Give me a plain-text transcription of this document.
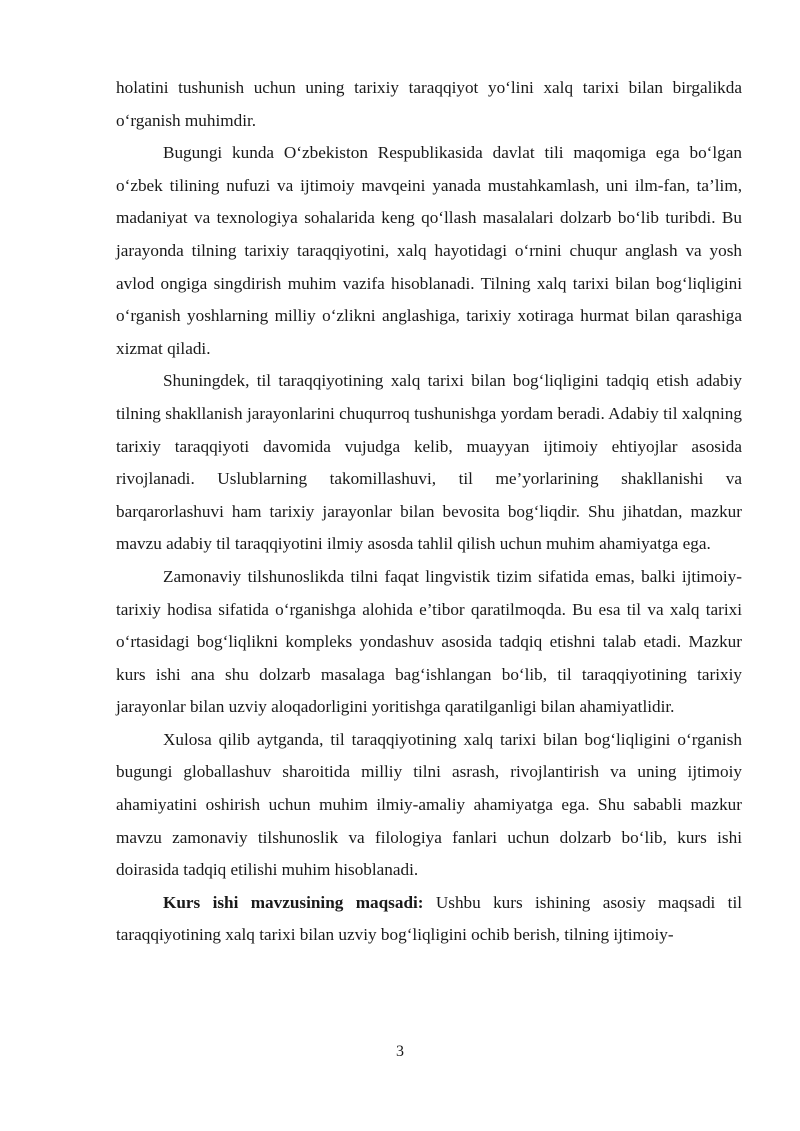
holatini tushunish uchun uning tarixiy taraqqiyot yo‘lini xalq tarixi bilan birgalikda o‘rganish muhimdir.

Bugungi kunda O‘zbekiston Respublikasida davlat tili maqomiga ega bo‘lgan o‘zbek tilining nufuzi va ijtimoiy mavqeini yanada mustahkamlash, uni ilm-fan, ta’lim, madaniyat va texnologiya sohalarida keng qo‘llash masalalari dolzarb bo‘lib turibdi. Bu jarayonda tilning tarixiy taraqqiyotini, xalq hayotidagi o‘rnini chuqur anglash va yosh avlod ongiga singdirish muhim vazifa hisoblanadi. Tilning xalq tarixi bilan bog‘liqligini o‘rganish yoshlarning milliy o‘zlikni anglashiga, tarixiy xotiraga hurmat bilan qarashiga xizmat qiladi.

Shuningdek, til taraqqiyotining xalq tarixi bilan bog‘liqligini tadqiq etish adabiy tilning shakllanish jarayonlarini chuqurroq tushunishga yordam beradi. Adabiy til xalqning tarixiy taraqqiyoti davomida vujudga kelib, muayyan ijtimoiy ehtiyojlar asosida rivojlanadi. Uslublarning takomillashuvi, til me’yorlarining shakllanishi va barqarorlashuvi ham tarixiy jarayonlar bilan bevosita bog‘liqdir. Shu jihatdan, mazkur mavzu adabiy til taraqqiyotini ilmiy asosda tahlil qilish uchun muhim ahamiyatga ega.

Zamonaviy tilshunoslikda tilni faqat lingvistik tizim sifatida emas, balki ijtimoiy-tarixiy hodisa sifatida o‘rganishga alohida e’tibor qaratilmoqda. Bu esa til va xalq tarixi o‘rtasidagi bog‘liqlikni kompleks yondashuv asosida tadqiq etishni talab etadi. Mazkur kurs ishi ana shu dolzarb masalaga bag‘ishlangan bo‘lib, til taraqqiyotining tarixiy jarayonlar bilan uzviy aloqadorligini yoritishga qaratilganligi bilan ahamiyatlidir.

Xulosa qilib aytganda, til taraqqiyotining xalq tarixi bilan bog‘liqligini o‘rganish bugungi globallashuv sharoitida milliy tilni asrash, rivojlantirish va uning ijtimoiy ahamiyatini oshirish uchun muhim ilmiy-amaliy ahamiyatga ega. Shu sababli mazkur mavzu zamonaviy tilshunoslik va filologiya fanlari uchun dolzarb bo‘lib, kurs ishi doirasida tadqiq etilishi muhim hisoblanadi.

Kurs ishi mavzusining maqsadi: Ushbu kurs ishining asosiy maqsadi til taraqqiyotining xalq tarixi bilan uzviy bog‘liqligini ochib berish, tilning ijtimoiy-

3
